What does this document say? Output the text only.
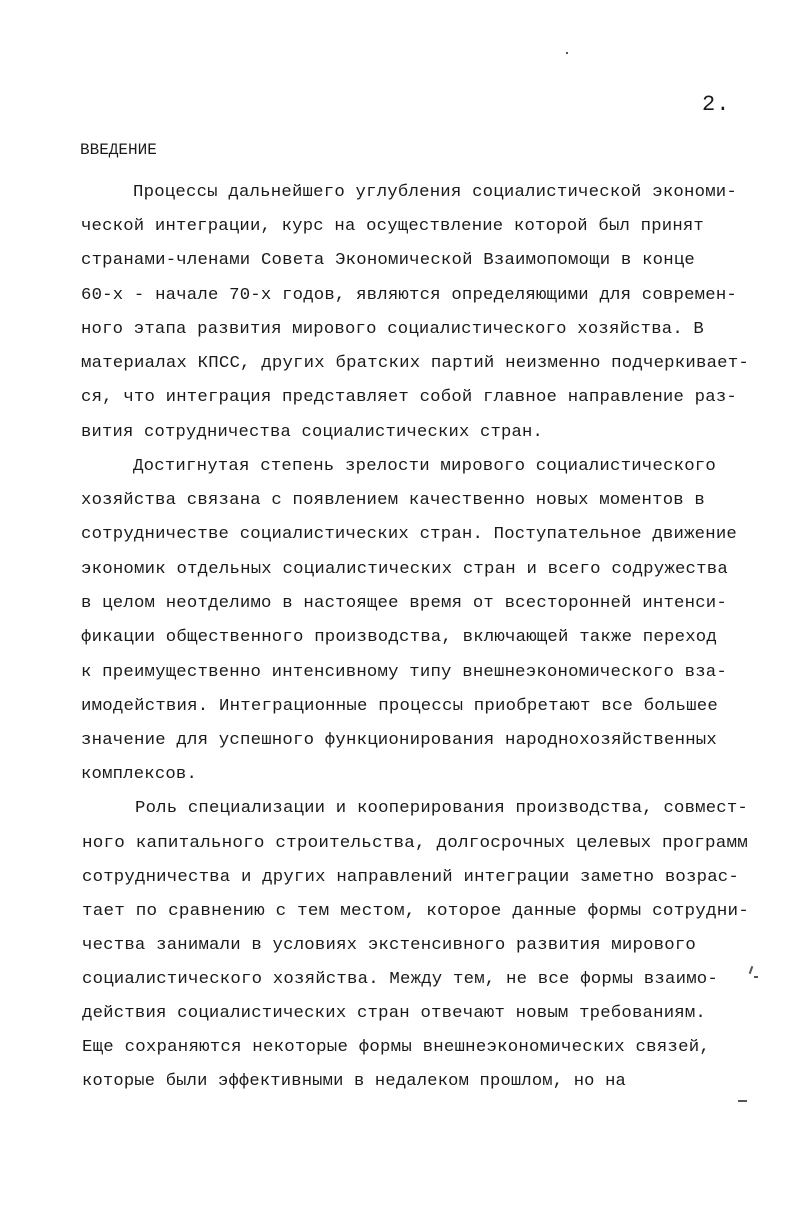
2.
ВВЕДЕНИЕ
Процессы дальнейшего углубления социалистической экономи-
ческой интеграции, курс на осуществление которой был принят
странами-членами Совета Экономической Взаимопомощи в конце
60-х - начале 70-х годов, являются определяющими для современ-
ного этапа развития мирового социалистического хозяйства. В
материалах КПСС, других братских партий неизменно подчеркивает-
ся, что интеграция представляет собой главное направление раз-
вития сотрудничества социалистических стран.
Достигнутая степень зрелости мирового социалистического
хозяйства связана с появлением качественно новых моментов в
сотрудничестве социалистических стран. Поступательное движение
экономик отдельных социалистических стран и всего содружества
в целом неотделимо в настоящее время от всесторонней интенси-
фикации общественного производства, включающей также переход
к преимущественно интенсивному типу внешнеэкономического вза-
имодействия. Интеграционные процессы приобретают все большее
значение для успешного функционирования народнохозяйственных
комплексов.
Роль специализации и кооперирования производства, совмест-
ного капитального строительства, долгосрочных целевых программ
сотрудничества и других направлений интеграции заметно возрас-
тает по сравнению с тем местом, которое данные формы сотрудни-
чества занимали в условиях экстенсивного развития мирового
социалистического хозяйства. Между тем, не все формы взаимо-
действия социалистических стран отвечают новым требованиям.
Еще сохраняются некоторые формы внешнеэкономических связей,
которые были эффективными в недалеком прошлом, но на
